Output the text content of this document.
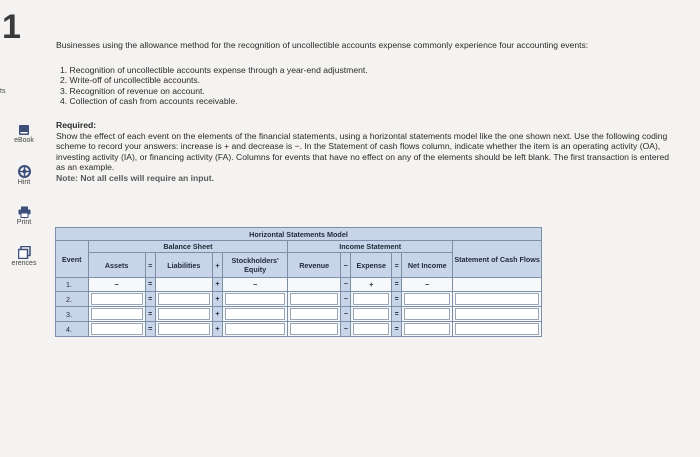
1
ts
eBook
Hint
Print
erences

Businesses using the allowance method for the recognition of uncollectible accounts expense commonly experience four accounting events:

1. Recognition of uncollectible accounts expense through a year-end adjustment.
2. Write-off of uncollectible accounts.
3. Recognition of revenue on account.
4. Collection of cash from accounts receivable.
Required:

Show the effect of each event on the elements of the financial statements, using a horizontal statements model like the one shown next. Use the following coding scheme to record your answers: increase is + and decrease is −. In the Statement of cash flows column, indicate whether the item is an operating activity (OA), investing activity (IA), or financing activity (FA). Columns for events that have no effect on any of the elements should be left blank. The first transaction is entered as an example.

Note: Not all cells will require an input.
Horizontal Statements Model											
Event	Balance Sheet					Income Statement					Statement of Cash Flows
	Assets	=	Liabilities	+	Stockholders' Equity	Revenue	−	Expense	=	Net Income	
1.	−	=		+	−		−	+	=	−	
2.		=		+			−		=	

3.		=		+			−		=	

4.		=		+			−		=	
